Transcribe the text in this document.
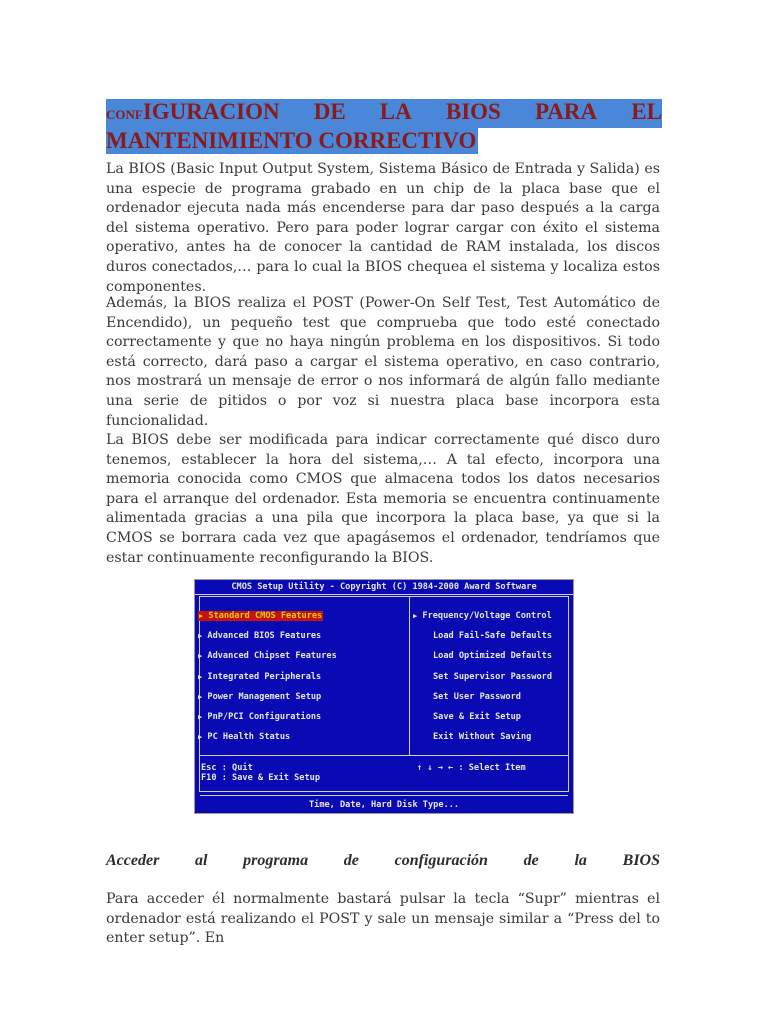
CONFIGURACION DE LA BIOS PARA EL
MANTENIMIENTO CORRECTIVO

La BIOS (Basic Input Output System, Sistema Básico de Entrada y Salida) es una especie de programa grabado en un chip de la placa base que el ordenador ejecuta nada más encenderse para dar paso después a la carga del sistema operativo. Pero para poder lograr cargar con éxito el sistema operativo, antes ha de conocer la cantidad de RAM instalada, los discos duros conectados,… para lo cual la BIOS chequea el sistema y localiza estos componentes.

Además, la BIOS realiza el POST (Power-On Self Test, Test Automático de Encendido), un pequeño test que comprueba que todo esté conectado correctamente y que no haya ningún problema en los dispositivos. Si todo está correcto, dará paso a cargar el sistema operativo, en caso contrario, nos mostrará un mensaje de error o nos informará de algún fallo mediante una serie de pitidos o por voz si nuestra placa base incorpora esta funcionalidad.

La BIOS debe ser modificada para indicar correctamente qué disco duro tenemos, establecer la hora del sistema,… A tal efecto, incorpora una memoria conocida como CMOS que almacena todos los datos necesarios para el arranque del ordenador. Esta memoria se encuentra continuamente alimentada gracias a una pila que incorpora la placa base, ya que si la CMOS se borrara cada vez que apagásemos el ordenador, tendríamos que estar continuamente reconfigurando la BIOS.

CMOS Setup Utility - Copyright (C) 1984-2000 Award Software
▶ Standard CMOS Features
▶ Advanced BIOS Features
▶ Advanced Chipset Features
▶ Integrated Peripherals
▶ Power Management Setup
▶ PnP/PCI Configurations
▶ PC Health Status
▶ Frequency/Voltage Control
Load Fail-Safe Defaults
Load Optimized Defaults
Set Supervisor Password
Set User Password
Save & Exit Setup
Exit Without Saving
Esc : Quit
F10 : Save & Exit Setup
↑ ↓ → ← : Select Item
Time, Date, Hard Disk Type...
Acceder al programa de configuración de la BIOS

Para acceder él normalmente bastará pulsar la tecla “Supr” mientras el ordenador está realizando el POST y sale un mensaje similar a “Press del to enter setup”. En
